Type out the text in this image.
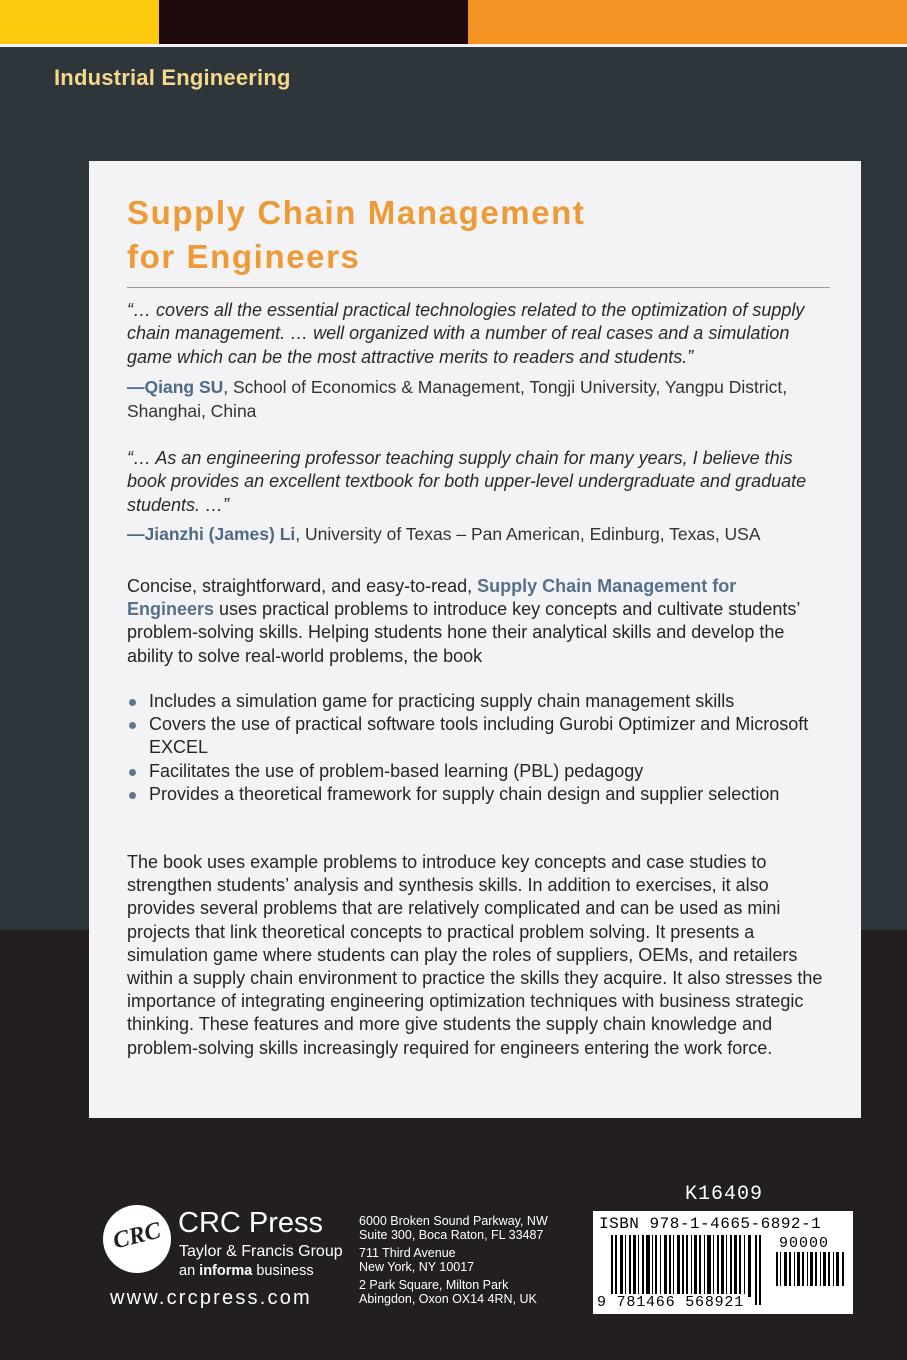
Industrial Engineering
Supply Chain Management
for Engineers
“… covers all the essential practical technologies related to the optimization of supply chain management. … well organized with a number of real cases and a simulation game which can be the most attractive merits to readers and students.”
—Qiang SU, School of Economics & Management, Tongji University, Yangpu District, Shanghai, China
“… As an engineering professor teaching supply chain for many years, I believe this book provides an excellent textbook for both upper-level undergraduate and graduate students. …”
—Jianzhi (James) Li, University of Texas – Pan American, Edinburg, Texas, USA
Concise, straightforward, and easy-to-read, Supply Chain Management for Engineers uses practical problems to introduce key concepts and cultivate students’ problem-solving skills. Helping students hone their analytical skills and develop the ability to solve real-world problems, the book
Includes a simulation game for practicing supply chain management skills
Covers the use of practical software tools including Gurobi Optimizer and Microsoft EXCEL
Facilitates the use of problem-based learning (PBL) pedagogy
Provides a theoretical framework for supply chain design and supplier selection
The book uses example problems to introduce key concepts and case studies to strengthen students’ analysis and synthesis skills. In addition to exercises, it also provides several problems that are relatively complicated and can be used as mini projects that link theoretical concepts to practical problem solving. It presents a simulation game where students can play the roles of suppliers, OEMs, and retailers within a supply chain environment to practice the skills they acquire. It also stresses the importance of integrating engineering optimization techniques with business strategic thinking. These features and more give students the supply chain knowledge and problem-solving skills increasingly required for engineers entering the work force.
CRC CRC Press
Taylor & Francis Group
an informa business
www.crcpress.com
6000 Broken Sound Parkway, NW
Suite 300, Boca Raton, FL 33487
711 Third Avenue
New York, NY 10017
2 Park Square, Milton Park
Abingdon, Oxon OX14 4RN, UK
K16409
ISBN 978-1-4665-6892-1
90000
9 781466 568921
